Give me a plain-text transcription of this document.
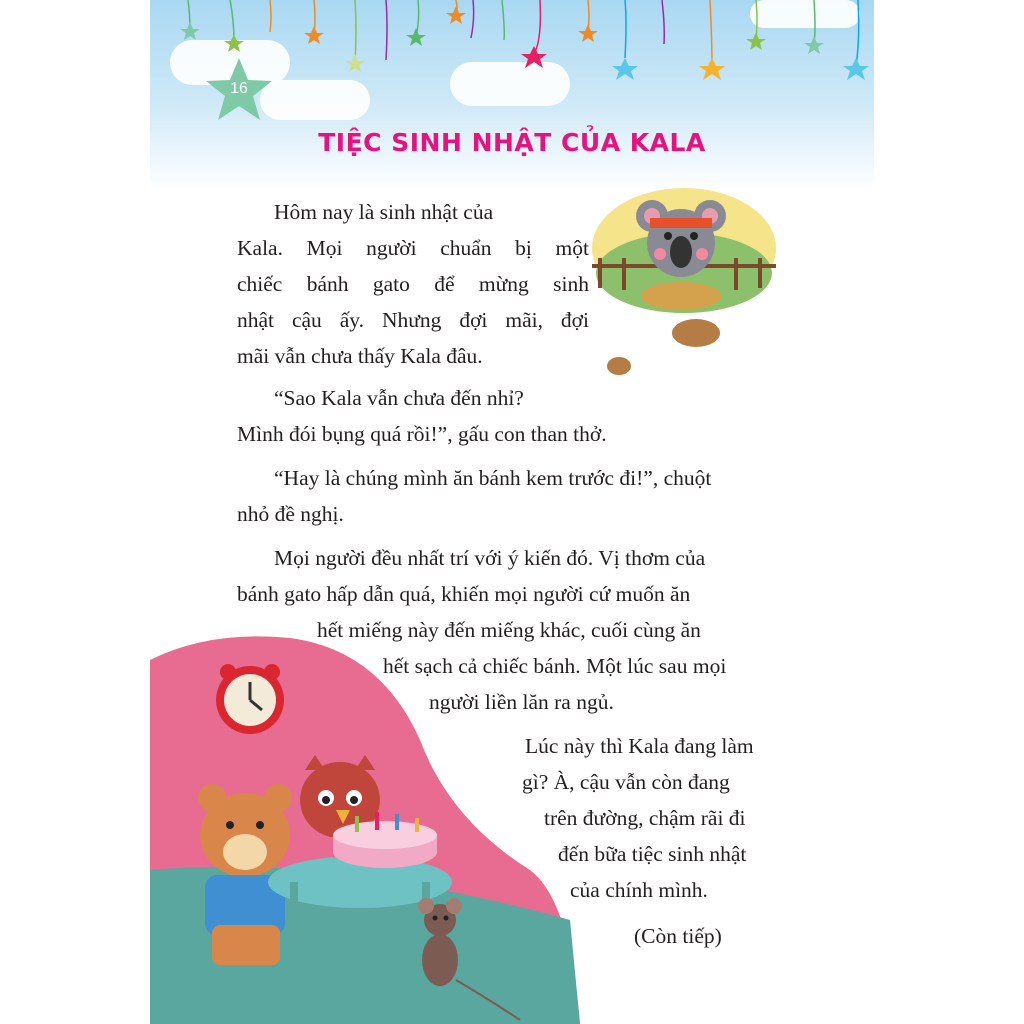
16
TIỆC SINH NHẬT CỦA KALA

Hôm nay là sinh nhật của
Kala. Mọi người chuẩn bị một
chiếc bánh gato để mừng sinh
nhật cậu ấy. Nhưng đợi mãi, đợi
mãi vẫn chưa thấy Kala đâu.

“Sao Kala vẫn chưa đến nhỉ?
Mình đói bụng quá rồi!”, gấu con than thở.

“Hay là chúng mình ăn bánh kem trước đi!”, chuột
nhỏ đề nghị.

Mọi người đều nhất trí với ý kiến đó. Vị thơm của
bánh gato hấp dẫn quá, khiến mọi người cứ muốn ăn
hết miếng này đến miếng khác, cuối cùng ăn
hết sạch cả chiếc bánh. Một lúc sau mọi
người liền lăn ra ngủ.

Lúc này thì Kala đang làm
gì? À, cậu vẫn còn đang
trên đường, chậm rãi đi
đến bữa tiệc sinh nhật
của chính mình.

(Còn tiếp)
